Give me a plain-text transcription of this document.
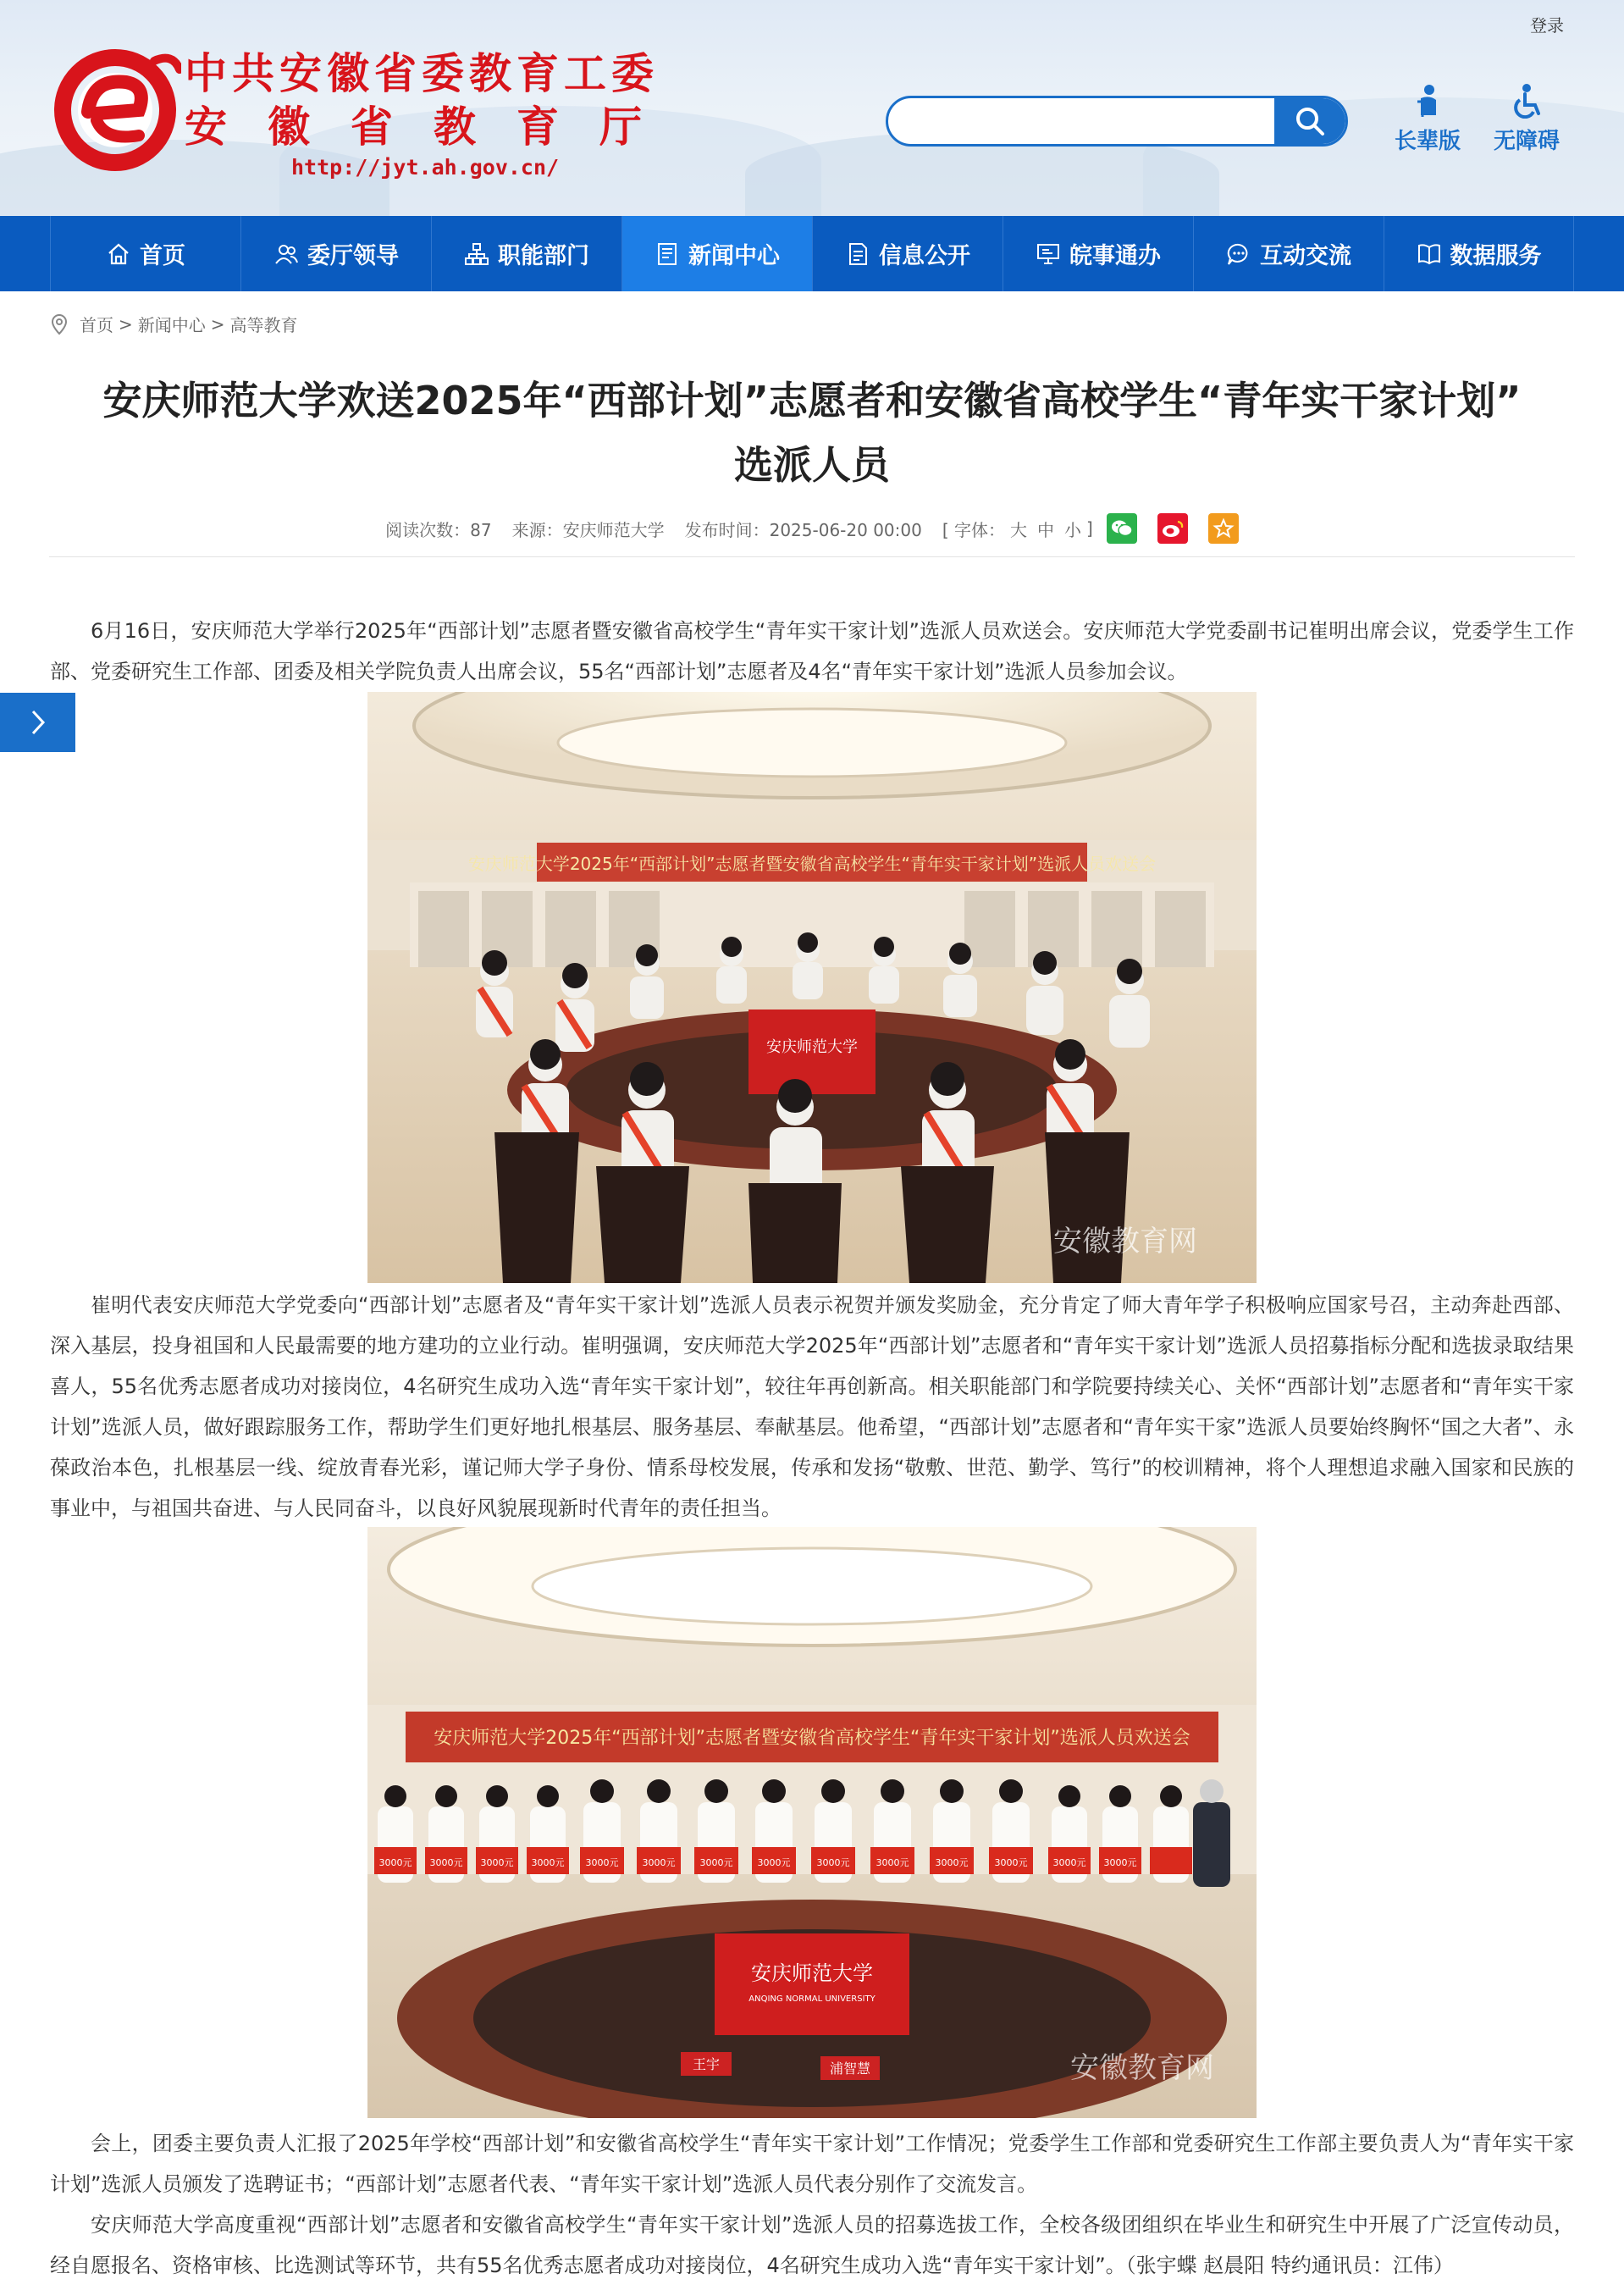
登录
中共安徽省委教育工委
安徽省教育厅
http://jyt.ah.gov.cn/
长辈版 无障碍
首页	委厅领导	职能部门	新闻中心	信息公开	皖事通办	互动交流	数据服务
首页 > 新闻中心 > 高等教育
安庆师范大学欢送2025年“西部计划”志愿者和安徽省高校学生“青年实干家计划”
选派人员
阅读次数：87 来源：安庆师范大学 发布时间：2025-06-20 00:00 [ 字体： 大 中 小 ]

6月16日，安庆师范大学举行2025年“西部计划”志愿者暨安徽省高校学生“青年实干家计划”选派人员欢送会。安庆师范大学党委副书记崔明出席会议，党委学生工作部、党委研究生工作部、团委及相关学院负责人出席会议，55名“西部计划”志愿者及4名“青年实干家计划”选派人员参加会议。

安庆师范大学2025年“西部计划”志愿者暨安徽省高校学生“青年实干家计划”选派人员欢送会
安庆师范大学
安徽教育网

崔明代表安庆师范大学党委向“西部计划”志愿者及“青年实干家计划”选派人员表示祝贺并颁发奖励金，充分肯定了师大青年学子积极响应国家号召，主动奔赴西部、深入基层，投身祖国和人民最需要的地方建功的立业行动。崔明强调，安庆师范大学2025年“西部计划”志愿者和“青年实干家计划”选派人员招募指标分配和选拔录取结果喜人，55名优秀志愿者成功对接岗位，4名研究生成功入选“青年实干家计划”，较往年再创新高。相关职能部门和学院要持续关心、关怀“西部计划”志愿者和“青年实干家计划”选派人员，做好跟踪服务工作，帮助学生们更好地扎根基层、服务基层、奉献基层。他希望，“西部计划”志愿者和“青年实干家”选派人员要始终胸怀“国之大者”、永葆政治本色，扎根基层一线、绽放青春光彩，谨记师大学子身份、情系母校发展，传承和发扬“敬敷、世范、勤学、笃行”的校训精神，将个人理想追求融入国家和民族的事业中，与祖国共奋进、与人民同奋斗，以良好风貌展现新时代青年的责任担当。

安庆师范大学2025年“西部计划”志愿者暨安徽省高校学生“青年实干家计划”选派人员欢送会
3000元 3000元 3000元 3000元 3000元	3000元	3000元	3000元	3000元	3000元	3000元	3000元	3000元 3000元
安庆师范大学
ANQING NORMAL UNIVERSITY
王宇	浦智慧	安徽教育网

会上，团委主要负责人汇报了2025年学校“西部计划”和安徽省高校学生“青年实干家计划”工作情况；党委学生工作部和党委研究生工作部主要负责人为“青年实干家计划”选派人员颁发了选聘证书；“西部计划”志愿者代表、“青年实干家计划”选派人员代表分别作了交流发言。

安庆师范大学高度重视“西部计划”志愿者和安徽省高校学生“青年实干家计划”选派人员的招募选拔工作，全校各级团组织在毕业生和研究生中开展了广泛宣传动员，经自愿报名、资格审核、比选测试等环节，共有55名优秀志愿者成功对接岗位，4名研究生成功入选“青年实干家计划”。（张宇蝶 赵晨阳 特约通讯员：江伟）
